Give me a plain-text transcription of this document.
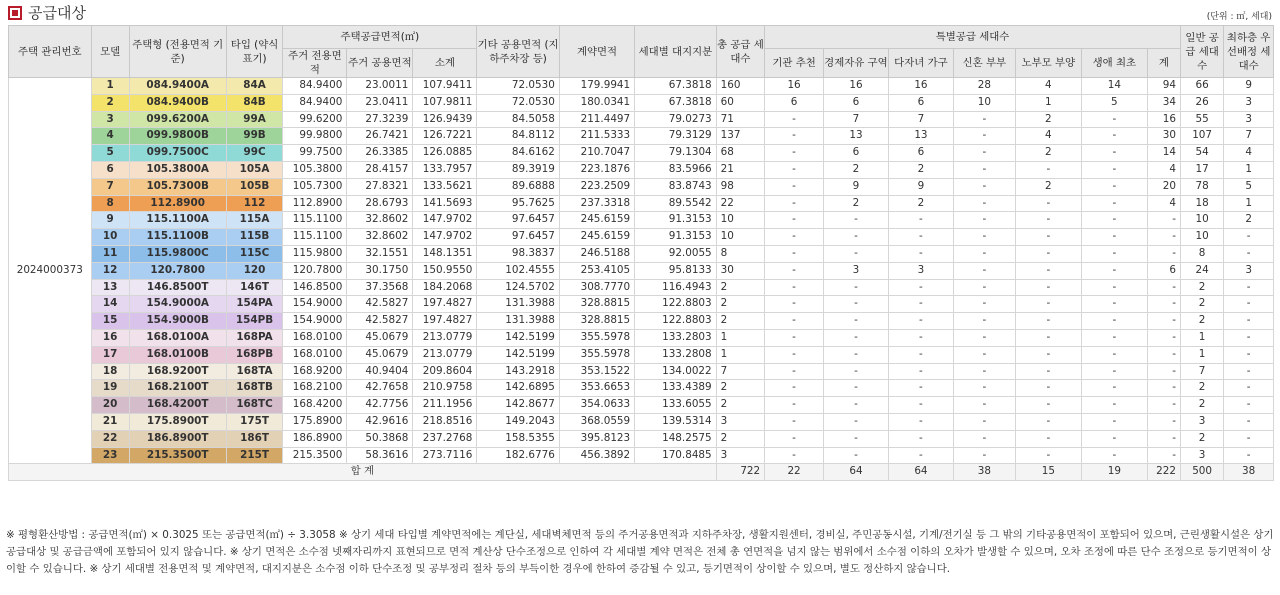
공급대상	(단위 : ㎡, 세대)
주택 관리번호	모델	주택형 (전용면적 기준)	타입 (약식표기)	주택공급면적(㎡)			기타 공용면적 (지하주차장 등)	계약면적	세대별 대지지분	총 공급 세대수	특별공급 세대수							일반 공급 세대수	최하층 우선배정 세대수
				주거 전용면적	주거 공용면적	소계					기관 추천	경제자유 구역	다자녀 가구	신혼 부부	노부모 부양	생애 최초	계		
2024000373	1	084.9400A	84A	84.9400	23.0011	107.9411	72.0530	179.9941	67.3818	160	16	16	16	28	4	14	94	66	9
	2	084.9400B	84B	84.9400	23.0411	107.9811	72.0530	180.0341	67.3818	60	6	6	6	10	1	5	34	26	3
	3	099.6200A	99A	99.6200	27.3239	126.9439	84.5058	211.4497	79.0273	71	-	7	7	-	2	-	16	55	3
	4	099.9800B	99B	99.9800	26.7421	126.7221	84.8112	211.5333	79.3129	137	-	13	13	-	4	-	30	107	7
	5	099.7500C	99C	99.7500	26.3385	126.0885	84.6162	210.7047	79.1304	68	-	6	6	-	2	-	14	54	4
	6	105.3800A	105A	105.3800	28.4157	133.7957	89.3919	223.1876	83.5966	21	-	2	2	-	-	-	4	17	1
	7	105.7300B	105B	105.7300	27.8321	133.5621	89.6888	223.2509	83.8743	98	-	9	9	-	2	-	20	78	5
	8	112.8900	112	112.8900	28.6793	141.5693	95.7625	237.3318	89.5542	22	-	2	2	-	-	-	4	18	1
	9	115.1100A	115A	115.1100	32.8602	147.9702	97.6457	245.6159	91.3153	10	-	-	-	-	-	-	-	10	2
	10	115.1100B	115B	115.1100	32.8602	147.9702	97.6457	245.6159	91.3153	10	-	-	-	-	-	-	-	10	-
	11	115.9800C	115C	115.9800	32.1551	148.1351	98.3837	246.5188	92.0055	8	-	-	-	-	-	-	-	8	-
	12	120.7800	120	120.7800	30.1750	150.9550	102.4555	253.4105	95.8133	30	-	3	3	-	-	-	6	24	3
	13	146.8500T	146T	146.8500	37.3568	184.2068	124.5702	308.7770	116.4943	2	-	-	-	-	-	-	-	2	-
	14	154.9000A	154PA	154.9000	42.5827	197.4827	131.3988	328.8815	122.8803	2	-	-	-	-	-	-	-	2	-
	15	154.9000B	154PB	154.9000	42.5827	197.4827	131.3988	328.8815	122.8803	2	-	-	-	-	-	-	-	2	-
	16	168.0100A	168PA	168.0100	45.0679	213.0779	142.5199	355.5978	133.2803	1	-	-	-	-	-	-	-	1	-
	17	168.0100B	168PB	168.0100	45.0679	213.0779	142.5199	355.5978	133.2808	1	-	-	-	-	-	-	-	1	-
	18	168.9200T	168TA	168.9200	40.9404	209.8604	143.2918	353.1522	134.0022	7	-	-	-	-	-	-	-	7	-
	19	168.2100T	168TB	168.2100	42.7658	210.9758	142.6895	353.6653	133.4389	2	-	-	-	-	-	-	-	2	-
	20	168.4200T	168TC	168.4200	42.7756	211.1956	142.8677	354.0633	133.6055	2	-	-	-	-	-	-	-	2	-
	21	175.8900T	175T	175.8900	42.9616	218.8516	149.2043	368.0559	139.5314	3	-	-	-	-	-	-	-	3	-
	22	186.8900T	186T	186.8900	50.3868	237.2768	158.5355	395.8123	148.2575	2	-	-	-	-	-	-	-	2	-
	23	215.3500T	215T	215.3500	58.3616	273.7116	182.6776	456.3892	170.8485	3	-	-	-	-	-	-	-	3	-
합 계										722	22	64	64	38	15	19	222	500	38
※ 평형환산방법 : 공급면적(㎡) × 0.3025 또는 공급면적(㎡) ÷ 3.3058 ※ 상기 세대 타입별 계약면적에는 계단실, 세대벽체면적 등의 주거공용면적과 지하주차장, 생활지원센터, 경비실, 주민공동시설, 기계/전기실 등 그 밖의 기타공용면적이 포함되어 있으며, 근린생활시설은 상기 공급대상 및 공급금액에 포함되어 있지 않습니다. ※ 상기 면적은 소수점 넷째자리까지 표현되므로 면적 계산상 단수조정으로 인하여 각 세대별 계약 면적은 전체 총 연면적을 넘지 않는 범위에서 소수점 이하의 오차가 발생할 수 있으며, 오차 조정에 따른 단수 조정으로 등기면적이 상이할 수 있습니다. ※ 상기 세대별 전용면적 및 계약면적, 대지지분은 소수점 이하 단수조정 및 공부정리 절차 등의 부득이한 경우에 한하여 증감될 수 있고, 등기면적이 상이할 수 있으며, 별도 정산하지 않습니다.
